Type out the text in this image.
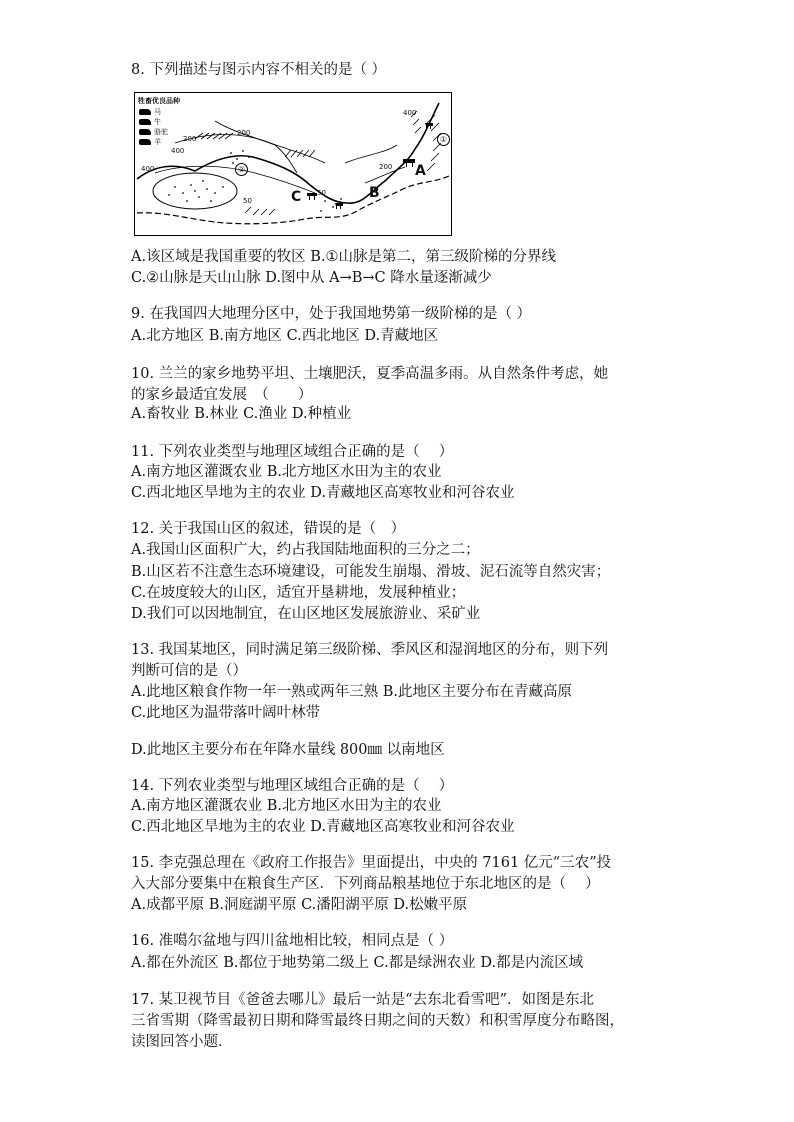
8. 下列描述与图示内容不相关的是（ ）
牲畜优良品种
马
牛
骆驼
羊
400
200
400
200
50
50
200
400	A
B
C
①
②
A.该区域是我国重要的牧区 B.①山脉是第二，第三级阶梯的分界线
C.②山脉是天山山脉 D.图中从 A→B→C 降水量逐渐减少
9. 在我国四大地理分区中，处于我国地势第一级阶梯的是（ ）
A.北方地区 B.南方地区 C.西北地区 D.青藏地区
10. 兰兰的家乡地势平坦、土壤肥沃，夏季高温多雨。从自然条件考虑，她
的家乡最适宜发展　（　　）
A.畜牧业 B.林业 C.渔业 D.种植业
11. 下列农业类型与地理区域组合正确的是（　 ）
A.南方地区灌溉农业 B.北方地区水田为主的农业
C.西北地区旱地为主的农业 D.青藏地区高寒牧业和河谷农业
12. 关于我国山区的叙述，错误的是（　）
A.我国山区面积广大，约占我国陆地面积的三分之二；
B.山区若不注意生态环境建设，可能发生崩塌、滑坡、泥石流等自然灾害；
C.在坡度较大的山区，适宜开垦耕地，发展种植业；
D.我们可以因地制宜，在山区地区发展旅游业、采矿业
13. 我国某地区，同时满足第三级阶梯、季风区和湿润地区的分布，则下列
判断可信的是（）
A.此地区粮食作物一年一熟或两年三熟 B.此地区主要分布在青藏高原
C.此地区为温带落叶阔叶林带
D.此地区主要分布在年降水量线 800㎜ 以南地区
14. 下列农业类型与地理区域组合正确的是（　 ）
A.南方地区灌溉农业 B.北方地区水田为主的农业
C.西北地区旱地为主的农业 D.青藏地区高寒牧业和河谷农业
15. 李克强总理在《政府工作报告》里面提出，中央的 7161 亿元“三农”投
入大部分要集中在粮食生产区．下列商品粮基地位于东北地区的是（　 ）
A.成都平原 B.洞庭湖平原 C.潘阳湖平原 D.松嫩平原
16. 准噶尔盆地与四川盆地相比较，相同点是（ ）
A.都在外流区 B.都位于地势第二级上 C.都是绿洲农业 D.都是内流区域
17. 某卫视节目《爸爸去哪儿》最后一站是“去东北看雪吧”．如图是东北
三省雪期（降雪最初日期和降雪最终日期之间的天数）和积雪厚度分布略图，
读图回答小题．
